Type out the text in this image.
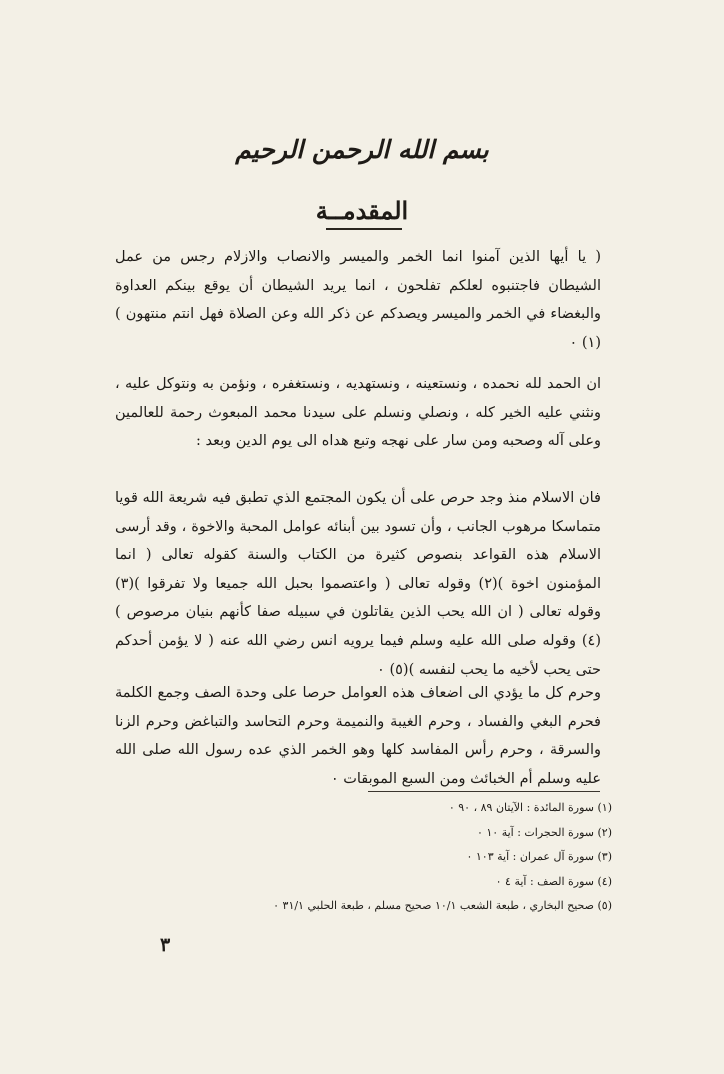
بسم الله الرحمن الرحيم
المقدمــة

( يا أيها الذين آمنوا انما الخمر والميسر والانصاب والازلام رجس من عمل الشيطان فاجتنبوه لعلكم تفلحون ، انما يريد الشيطان أن يوقع بينكم العداوة والبغضاء في الخمر والميسر ويصدكم عن ذكر الله وعن الصلاة فهل انتم منتهون )(١) ٠

ان الحمد لله نحمده ، ونستعينه ، ونستهديه ، ونستغفره ، ونؤمن به ونتوكل عليه ، ونثني عليه الخير كله ، ونصلي ونسلم على سيدنا محمد المبعوث رحمة للعالمين وعلى آله وصحبه ومن سار على نهجه وتبع هداه الى يوم الدين وبعد :

فان الاسلام منذ وجد حرص على أن يكون المجتمع الذي تطبق فيه شريعة الله قويا متماسكا مرهوب الجانب ، وأن تسود بين أبنائه عوامل المحبة والاخوة ، وقد أرسى الاسلام هذه القواعد بنصوص كثيرة من الكتاب والسنة كقوله تعالى ( انما المؤمنون اخوة )(٢) وقوله تعالى ( واعتصموا بحبل الله جميعا ولا تفرقوا )(٣) وقوله تعالى ( ان الله يحب الذين يقاتلون في سبيله صفا كأنهم بنيان مرصوص )(٤) وقوله صلى الله عليه وسلم فيما يرويه انس رضي الله عنه ( لا يؤمن أحدكم حتى يحب لأخيه ما يحب لنفسه )(٥) ٠

وحرم كل ما يؤدي الى اضعاف هذه العوامل حرصا على وحدة الصف وجمع الكلمة فحرم البغي والفساد ، وحرم الغيبة والنميمة وحرم التحاسد والتباغض وحرم الزنا والسرقة ، وحرم رأس المفاسد كلها وهو الخمر الذي عده رسول الله صلى الله عليه وسلم أم الخبائث ومن السبع الموبقات ٠

(١) سورة المائدة : الآيتان ٨٩ ، ٩٠ ٠
(٢) سورة الحجرات : آية ١٠ ٠
(٣) سورة آل عمران : آية ١٠٣ ٠
(٤) سورة الصف : آية ٤ ٠
(٥) صحيح البخاري ، طبعة الشعب ١٠/١ صحيح مسلم ، طبعة الحلبي ٣١/١ ٠
٣
